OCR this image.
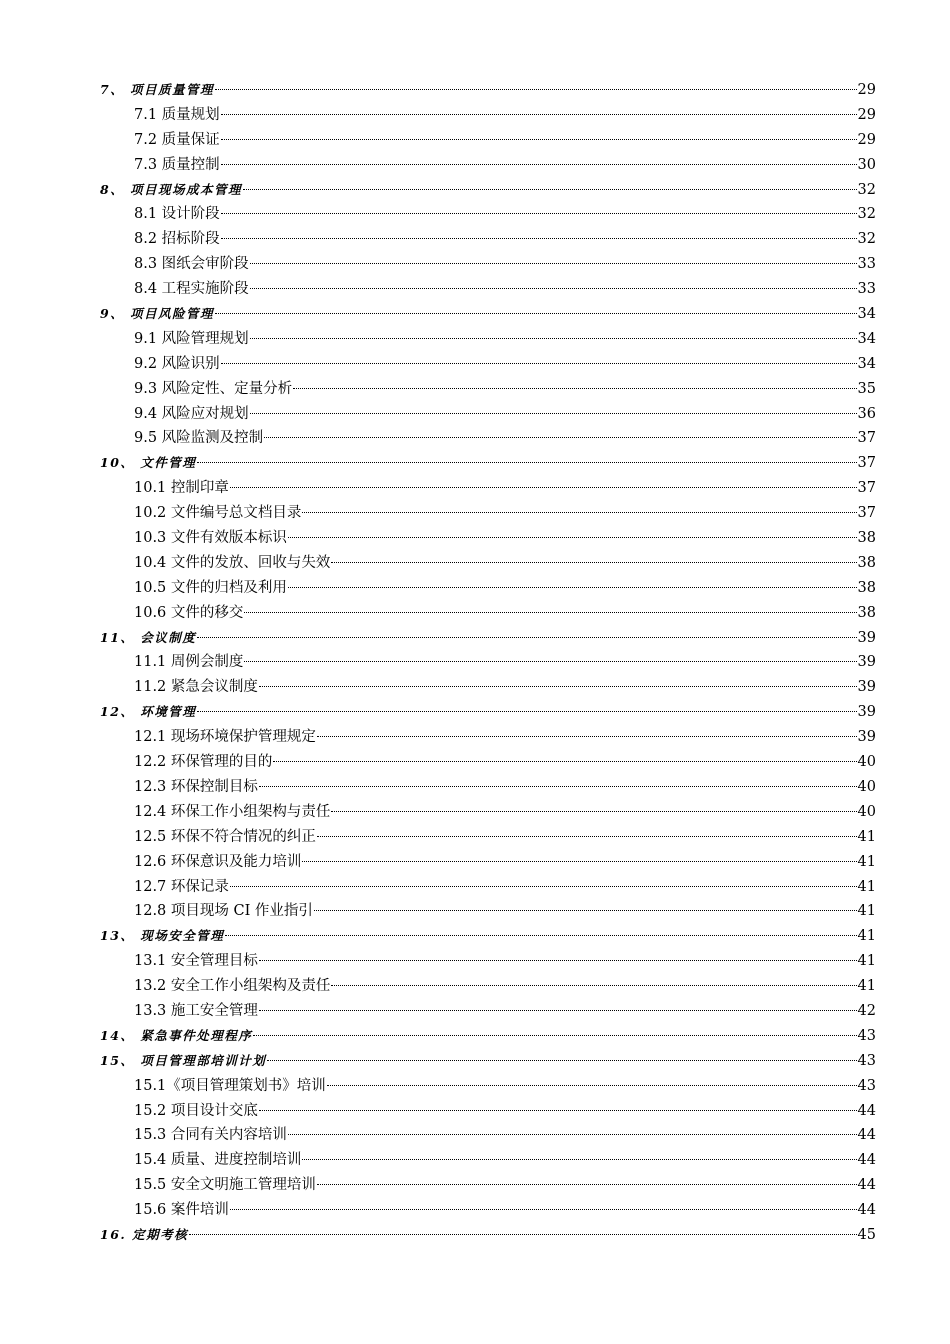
7、 项目质量管理	29
7.1 质量规划	29
7.2 质量保证	29
7.3 质量控制	30
8、 项目现场成本管理	32
8.1 设计阶段	32
8.2 招标阶段	32
8.3 图纸会审阶段	33
8.4 工程实施阶段	33
9、 项目风险管理	34
9.1 风险管理规划	34
9.2 风险识别	34
9.3 风险定性、定量分析	35
9.4 风险应对规划	36
9.5 风险监测及控制	37
10、 文件管理	37
10.1 控制印章	37
10.2 文件编号总文档目录	37
10.3 文件有效版本标识	38
10.4 文件的发放、回收与失效	38
10.5 文件的归档及利用	38
10.6 文件的移交	38
11、 会议制度	39
11.1 周例会制度	39
11.2 紧急会议制度	39
12、 环境管理	39
12.1 现场环境保护管理规定	39
12.2 环保管理的目的	40
12.3 环保控制目标	40
12.4 环保工作小组架构与责任	40
12.5 环保不符合情况的纠正	41
12.6 环保意识及能力培训	41
12.7 环保记录	41
12.8 项目现场 CI 作业指引	41
13、 现场安全管理	41
13.1 安全管理目标	41
13.2 安全工作小组架构及责任	41
13.3 施工安全管理	42
14、 紧急事件处理程序	43
15、 项目管理部培训计划	43
15.1《项目管理策划书》培训	43
15.2 项目设计交底	44
15.3 合同有关内容培训	44
15.4 质量、进度控制培训	44
15.5 安全文明施工管理培训	44
15.6 案件培训	44
16. 定期考核	45
